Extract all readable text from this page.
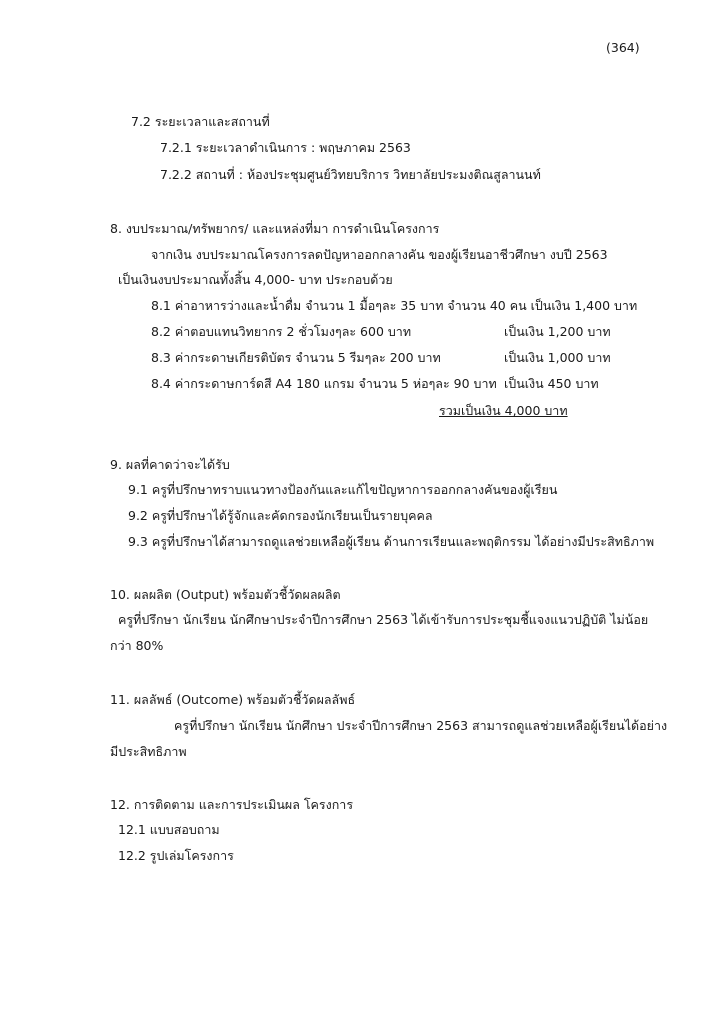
(364)
7.2 ระยะเวลาและสถานที่
7.2.1 ระยะเวลาดำเนินการ : พฤษภาคม 2563
7.2.2 สถานที่ : ห้องประชุมศูนย์วิทยบริการ วิทยาลัยประมงติณสูลานนท์
8. งบประมาณ/ทรัพยากร/ และแหล่งที่มา การดำเนินโครงการ
จากเงิน งบประมาณโครงการลดปัญหาออกกลางคัน ของผู้เรียนอาชีวศึกษา งบปี 2563
เป็นเงินงบประมาณทั้งสิ้น 4,000- บาท ประกอบด้วย
8.1 ค่าอาหารว่างและน้ำดื่ม จำนวน 1 มื้อๆละ 35 บาท จำนวน 40 คน เป็นเงิน 1,400 บาท
8.2 ค่าตอบแทนวิทยากร 2 ชั่วโมงๆละ 600 บาท	เป็นเงิน 1,200 บาท
8.3 ค่ากระดาษเกียรติบัตร จำนวน 5 รีมๆละ 200 บาท	เป็นเงิน 1,000 บาท
8.4 ค่ากระดาษการ์ดสี A4 180 แกรม จำนวน 5 ห่อๆละ 90 บาท เป็นเงิน 450 บาท
รวมเป็นเงิน 4,000 บาท
9. ผลที่คาดว่าจะได้รับ
9.1 ครูที่ปรึกษาทราบแนวทางป้องกันและแก้ไขปัญหาการออกกลางคันของผู้เรียน
9.2 ครูที่ปรึกษาได้รู้จักและคัดกรองนักเรียนเป็นรายบุคคล
9.3 ครูที่ปรึกษาได้สามารถดูแลช่วยเหลือผู้เรียน ด้านการเรียนและพฤติกรรม ได้อย่างมีประสิทธิภาพ
10. ผลผลิต (Output) พร้อมตัวชี้วัดผลผลิต
ครูที่ปรึกษา นักเรียน นักศึกษาประจำปีการศึกษา 2563 ได้เข้ารับการประชุมชี้แจงแนวปฏิบัติ ไม่น้อย
กว่า 80%
11. ผลลัพธ์ (Outcome) พร้อมตัวชี้วัดผลลัพธ์
ครูที่ปรึกษา นักเรียน นักศึกษา ประจำปีการศึกษา 2563 สามารถดูแลช่วยเหลือผู้เรียนได้อย่าง
มีประสิทธิภาพ
12. การติดตาม และการประเมินผล โครงการ
12.1 แบบสอบถาม
12.2 รูปเล่มโครงการ
